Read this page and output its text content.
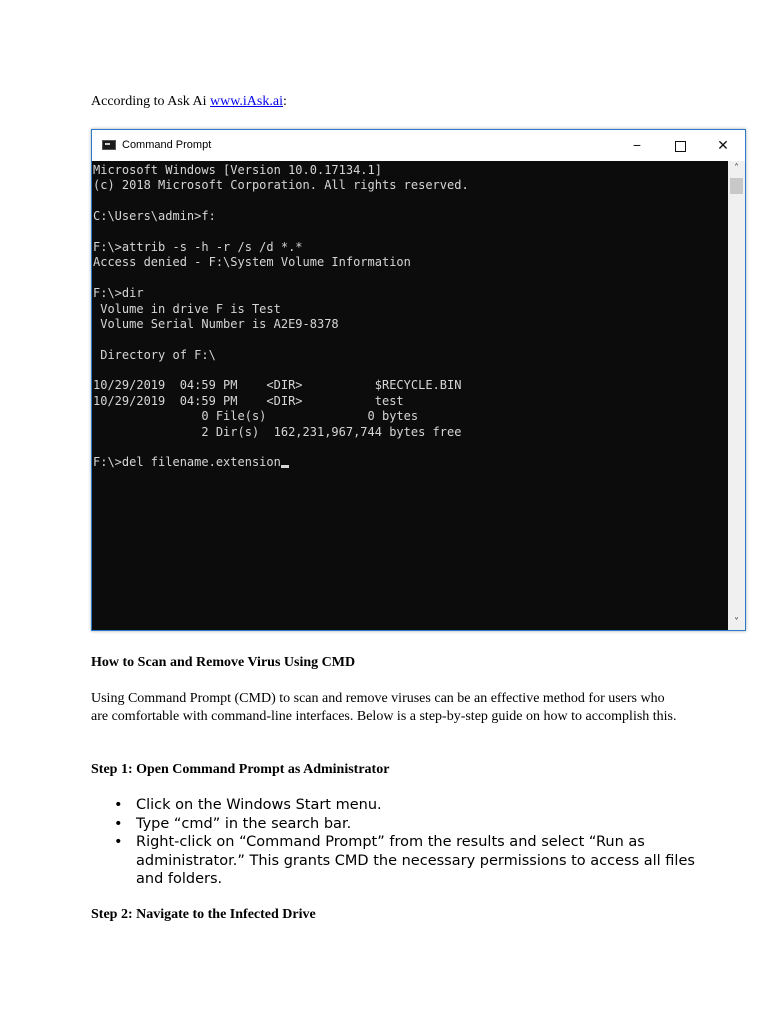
According to Ask Ai www.iAsk.ai:
Command Prompt	−	✕
Microsoft Windows [Version 10.0.17134.1]
(c) 2018 Microsoft Corporation. All rights reserved.
C:\Users\admin>f:
F:\>attrib -s -h -r /s /d *.*
Access denied - F:\System Volume Information
F:\>dir
Volume in drive F is Test
Volume Serial Number is A2E9-8378
Directory of F:\
10/29/2019  04:59 PM    <DIR>          $RECYCLE.BIN
10/29/2019  04:59 PM    <DIR>          test
0 File(s)              0 bytes
2 Dir(s)  162,231,967,744 bytes free
F:\>del filename.extension
˄
˅
How to Scan and Remove Virus Using CMD

Using Command Prompt (CMD) to scan and remove viruses can be an effective method for users who are comfortable with command-line interfaces. Below is a step-by-step guide on how to accomplish this.

Step 1: Open Command Prompt as Administrator
• Click on the Windows Start menu.
• Type “cmd” in the search bar.
• Right-click on “Command Prompt” from the results and select “Run as administrator.” This grants CMD the necessary permissions to access all files and folders.
Step 2: Navigate to the Infected Drive
